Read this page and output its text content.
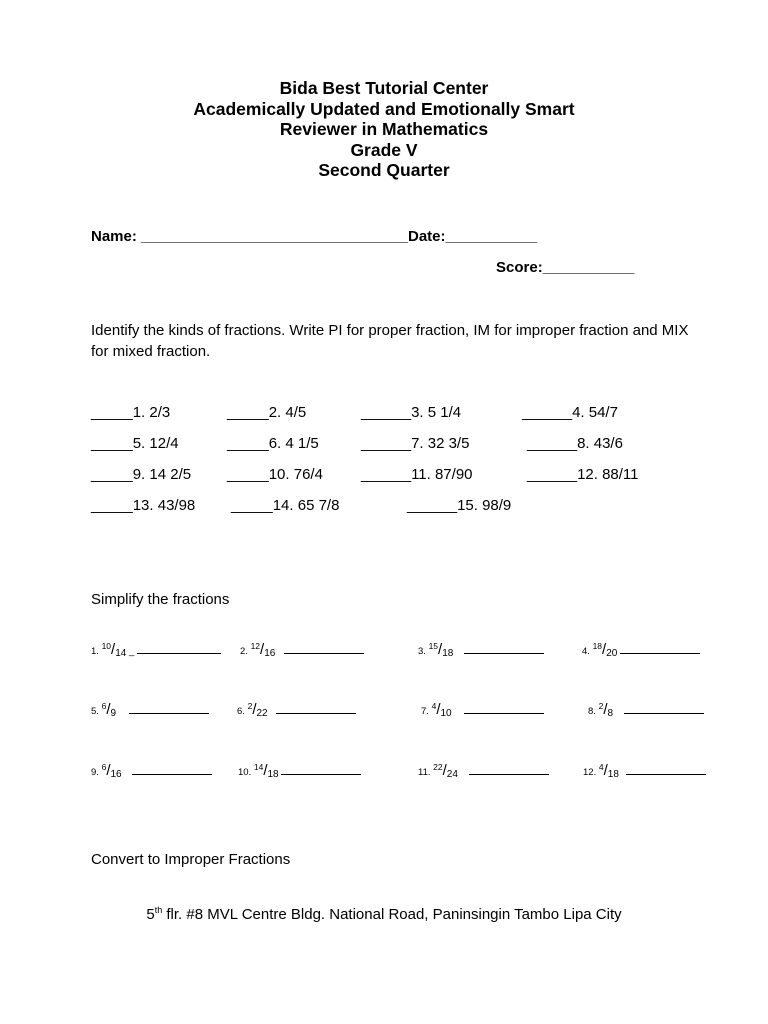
Bida Best Tutorial Center
Academically Updated and Emotionally Smart
Reviewer in Mathematics
Grade V
Second Quarter
Name: ________________________________Date:___________
Score:___________
Identify the kinds of fractions. Write PI for proper fraction, IM for improper fraction and MIX for mixed fraction.
_____1. 2/3	_____2. 4/5	______3. 5 1/4	______4. 54/7
_____5. 12/4	_____6. 4 1/5	______7. 32 3/5	______8. 43/6
_____9. 14 2/5 _____10. 76/4	______11. 87/90	______12. 88/11
_____13. 43/98 _____14. 65 7/8	______15. 98/9
Simplify the fractions
1. $^{10}/_{14}$ _	2. $^{12}/_{16}$	3. $^{15}/_{18}$	4. $^{18}/_{20}$
5. $^6/_9$	6. $^2/_{22}$	7. $^4/_{10}$	8. $^2/_8$
9. $^6/_{16}$	10. $^{14}/_{18}$	11. $^{22}/_{24}$	12. $^4/_{18}$
Convert to Improper Fractions
5th flr. #8 MVL Centre Bldg. National Road, Paninsingin Tambo Lipa City
